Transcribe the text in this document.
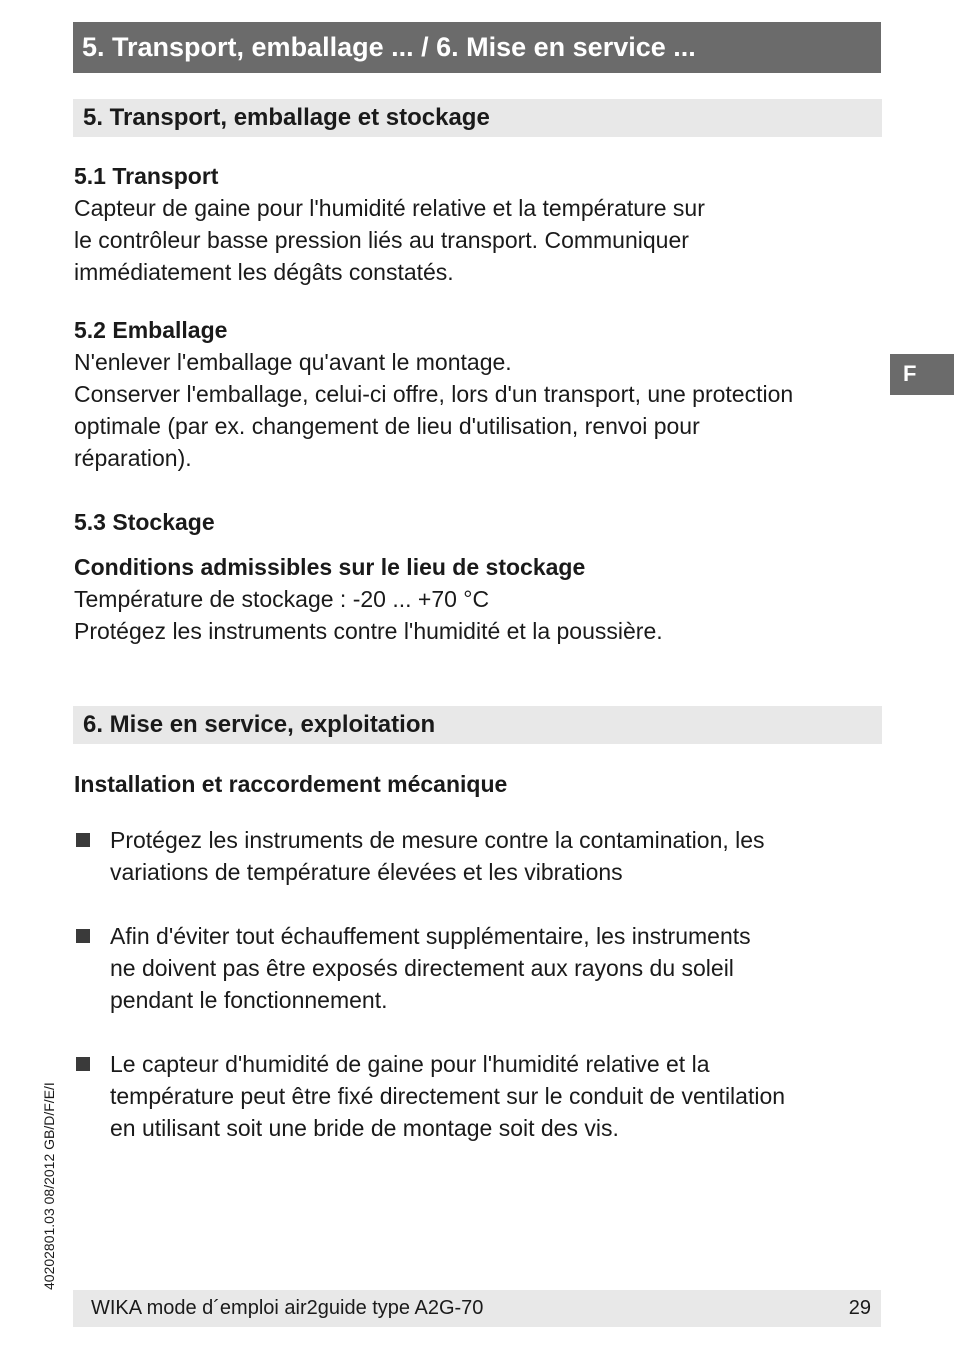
5. Transport, emballage ... / 6. Mise en service ...
5. Transport, emballage et stockage
5.1 Transport
Capteur de gaine pour l'humidité relative et la température sur
le contrôleur basse pression liés au transport. Communiquer
immédiatement les dégâts constatés.
5.2 Emballage
N'enlever l'emballage qu'avant le montage.
Conserver l'emballage, celui-ci offre, lors d'un transport, une protection
optimale (par ex. changement de lieu d'utilisation, renvoi pour
réparation).
5.3 Stockage
Conditions admissibles sur le lieu de stockage
Température de stockage : -20 ... +70 °C
Protégez les instruments contre l'humidité et la poussière.
F
6. Mise en service, exploitation
Installation et raccordement mécanique
Protégez les instruments de mesure contre la contamination, les
variations de température élevées et les vibrations
Afin d'éviter tout échauffement supplémentaire, les instruments
ne doivent pas être exposés directement aux rayons du soleil
pendant le fonctionnement.
Le capteur d'humidité de gaine pour l'humidité relative et la
température peut être fixé directement sur le conduit de ventilation
en utilisant soit une bride de montage soit des vis.
40202801.03 08/2012 GB/D/F/E/I
WIKA mode d´emploi air2guide type A2G-70	29
